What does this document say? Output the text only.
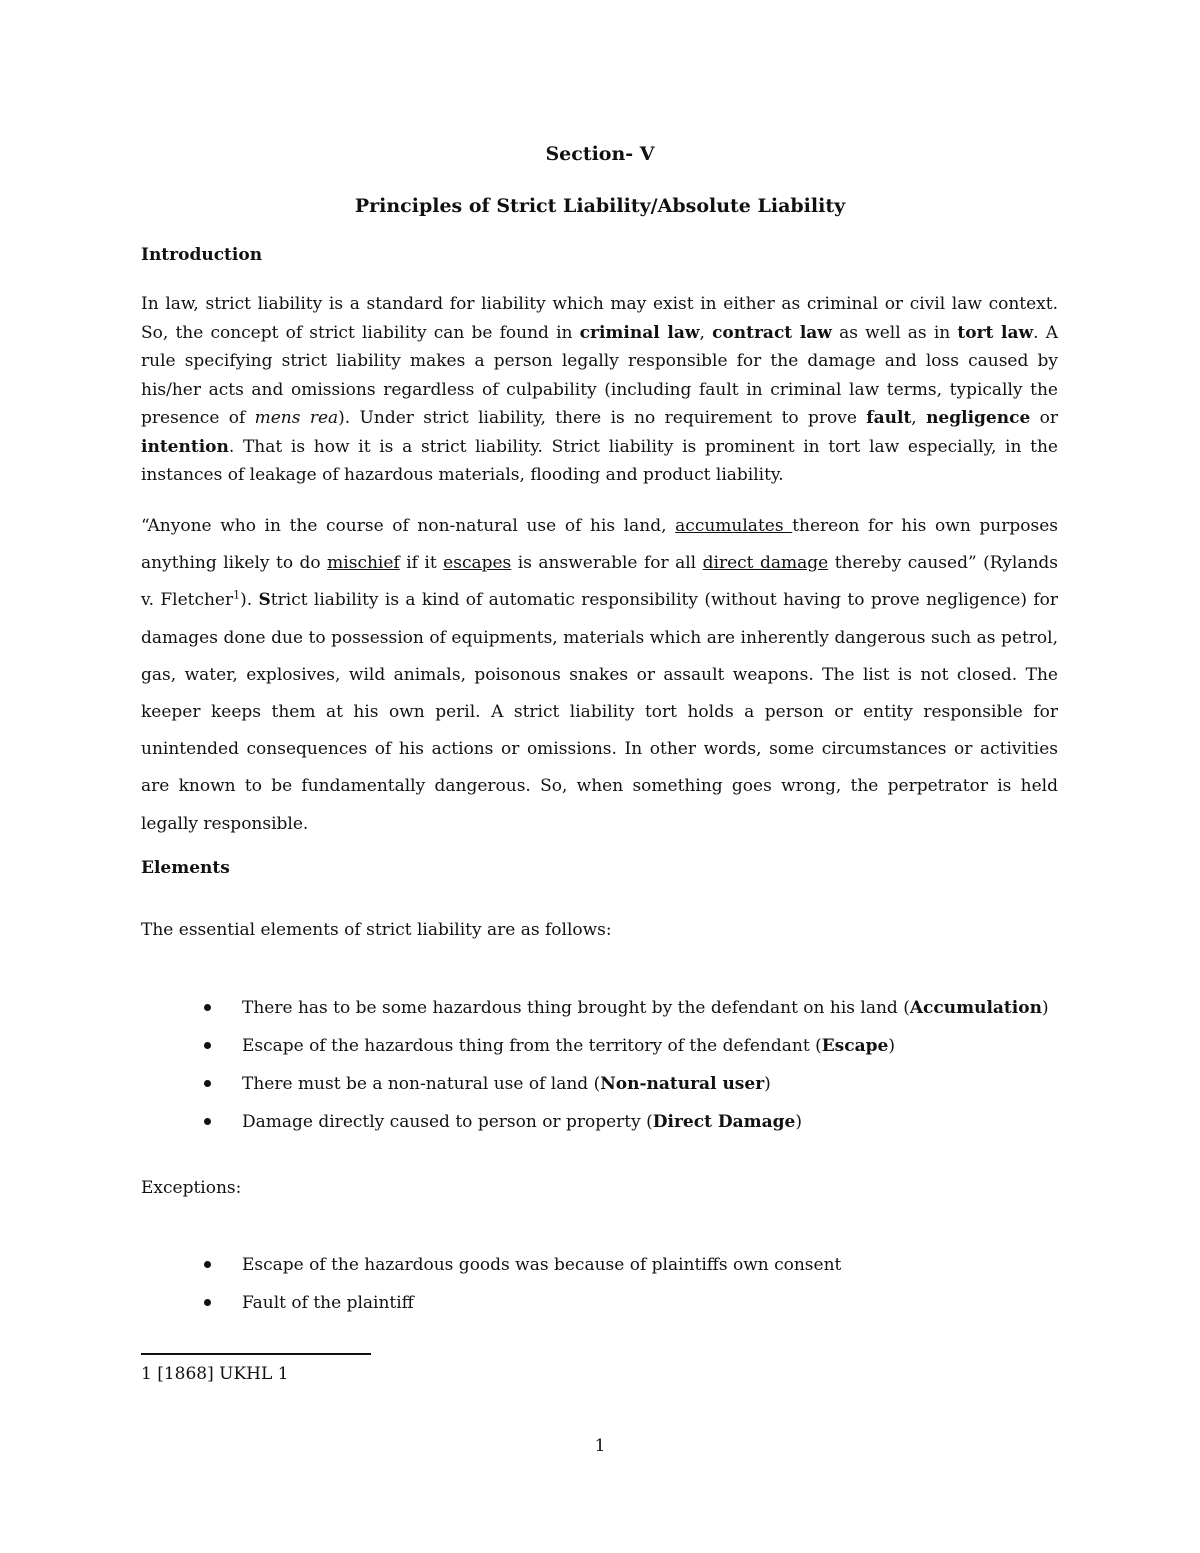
Section- V
Principles of Strict Liability/Absolute Liability
Introduction

In law, strict liability is a standard for liability which may exist in either as criminal or civil law context. So, the concept of strict liability can be found in criminal law, contract law as well as in tort law. A rule specifying strict liability makes a person legally responsible for the damage and loss caused by his/her acts and omissions regardless of culpability (including fault in criminal law terms, typically the presence of mens rea). Under strict liability, there is no requirement to prove fault, negligence or intention. That is how it is a strict liability. Strict liability is prominent in tort law especially, in the instances of leakage of hazardous materials, flooding and product liability.

“Anyone who in the course of non-natural use of his land, accumulates thereon for his own purposes anything likely to do mischief if it escapes is answerable for all direct damage thereby caused” (Rylands v. Fletcher$^1$). Strict liability is a kind of automatic responsibility (without having to prove negligence) for damages done due to possession of equipments, materials which are inherently dangerous such as petrol, gas, water, explosives, wild animals, poisonous snakes or assault weapons. The list is not closed. The keeper keeps them at his own peril. A strict liability tort holds a person or entity responsible for unintended consequences of his actions or omissions. In other words, some circumstances or activities are known to be fundamentally dangerous. So, when something goes wrong, the perpetrator is held legally responsible.

Elements
The essential elements of strict liability are as follows:
There has to be some hazardous thing brought by the defendant on his land (Accumulation)
Escape of the hazardous thing from the territory of the defendant (Escape)
There must be a non-natural use of land (Non-natural user)
Damage directly caused to person or property (Direct Damage)
Exceptions:
Escape of the hazardous goods was because of plaintiffs own consent
Fault of the plaintiff
1 [1868] UKHL 1
1
